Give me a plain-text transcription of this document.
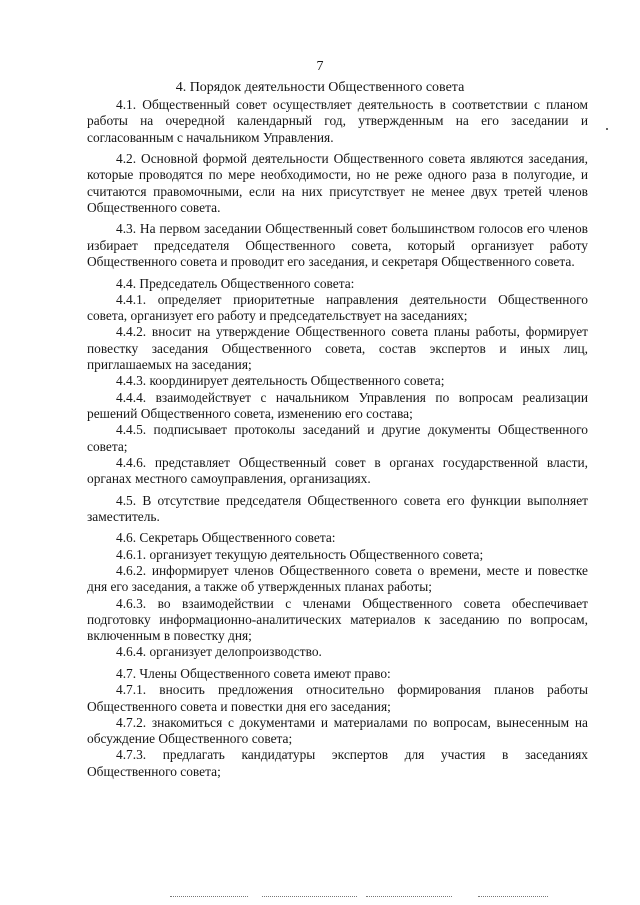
7
4. Порядок деятельности Общественного совета

4.1. Общественный совет осуществляет деятельность в соответствии с планом работы на очередной календарный год, утвержденным на его заседании и согласованным с начальником Управления.

4.2. Основной формой деятельности Общественного совета являются заседания, которые проводятся по мере необходимости, но не реже одного раза в полугодие, и считаются правомочными, если на них присутствует не менее двух третей членов Общественного совета.

4.3. На первом заседании Общественный совет большинством голосов его членов избирает председателя Общественного совета, который организует работу Общественного совета и проводит его заседания, и секретаря Общественного совета.

4.4. Председатель Общественного совета:

4.4.1. определяет приоритетные направления деятельности Общественного совета, организует его работу и председательствует на заседаниях;

4.4.2. вносит на утверждение Общественного совета планы работы, формирует повестку заседания Общественного совета, состав экспертов и иных лиц, приглашаемых на заседания;

4.4.3. координирует деятельность Общественного совета;

4.4.4. взаимодействует с начальником Управления по вопросам реализации решений Общественного совета, изменению его состава;

4.4.5. подписывает протоколы заседаний и другие документы Общественного совета;

4.4.6. представляет Общественный совет в органах государственной власти, органах местного самоуправления, организациях.

4.5. В отсутствие председателя Общественного совета его функции выполняет заместитель.

4.6. Секретарь Общественного совета:

4.6.1. организует текущую деятельность Общественного совета;

4.6.2. информирует членов Общественного совета о времени, месте и повестке дня его заседания, а также об утвержденных планах работы;

4.6.3. во взаимодействии с членами Общественного совета обеспечивает подготовку информационно-аналитических материалов к заседанию по вопросам, включенным в повестку дня;

4.6.4. организует делопроизводство.

4.7. Члены Общественного совета имеют право:

4.7.1. вносить предложения относительно формирования планов работы Общественного совета и повестки дня его заседания;

4.7.2. знакомиться с документами и материалами по вопросам, вынесенным на обсуждение Общественного совета;

4.7.3. предлагать кандидатуры экспертов для участия в заседаниях Общественного совета;
